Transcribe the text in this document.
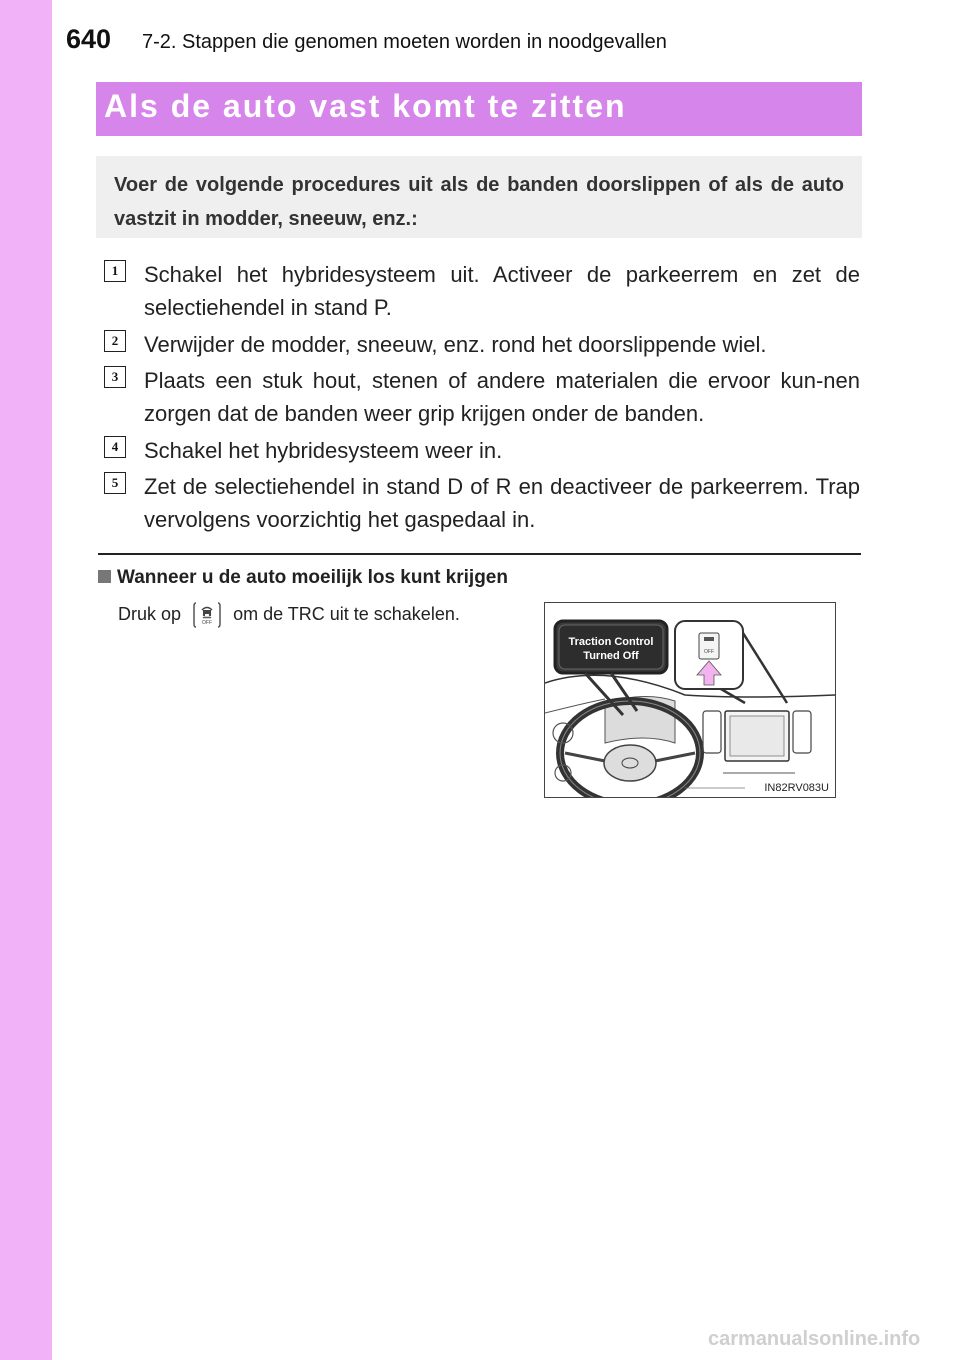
640 7-2. Stappen die genomen moeten worden in noodgevallen
Als de auto vast komt te zitten

Voer de volgende procedures uit als de banden doorslippen of als de auto vastzit in modder, sneeuw, enz.:

1	Schakel het hybridesysteem uit. Activeer de parkeerrem en zet de selectiehendel in stand P.

2	Verwijder de modder, sneeuw, enz. rond het doorslippende wiel.

3	Plaats een stuk hout, stenen of andere materialen die ervoor kun-nen zorgen dat de banden weer grip krijgen onder de banden.

4	Schakel het hybridesysteem weer in.

5	Zet de selectiehendel in stand D of R en deactiveer de parkeerrem. Trap vervolgens voorzichtig het gaspedaal in.

Wanneer u de auto moeilijk los kunt krijgen
Druk op	OFF om de TRC uit te schakelen.
OFF
Traction Control
Turned Off
IN82RV083U
carmanualsonline.info
